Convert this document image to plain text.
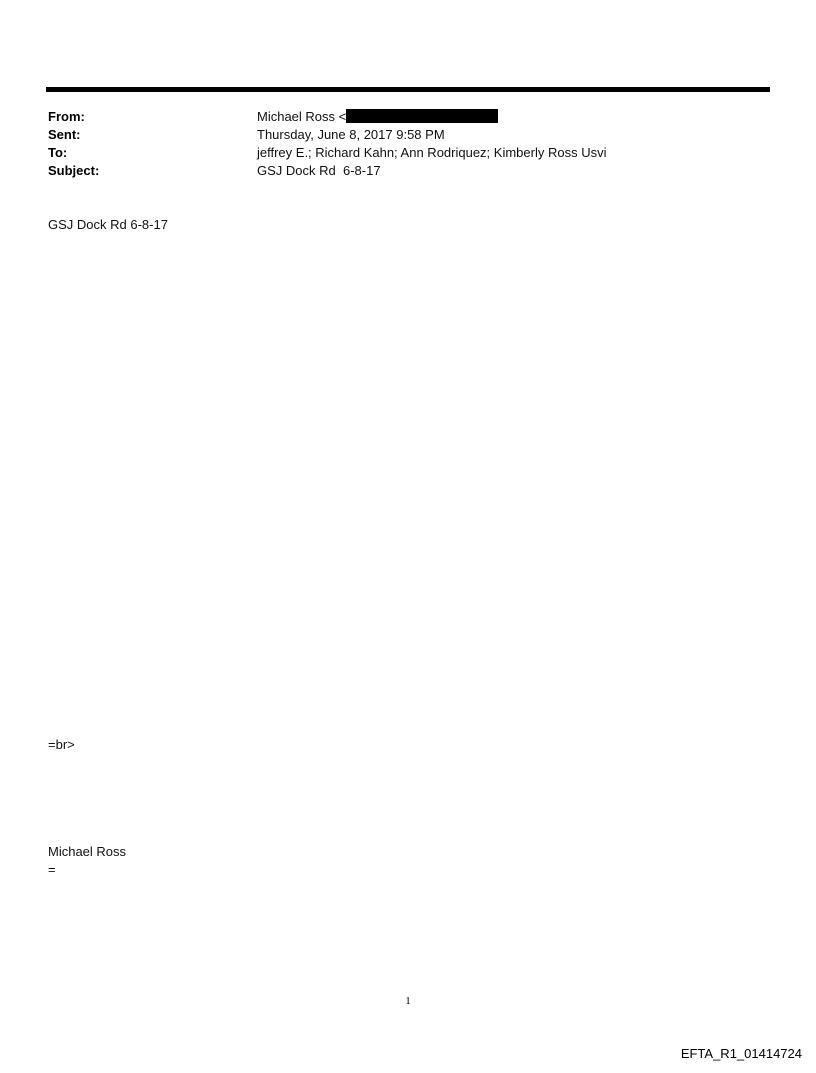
From:	Michael Ross <
Sent:	Thursday, June 8, 2017 9:58 PM
To:	jeffrey E.; Richard Kahn; Ann Rodriquez; Kimberly Ross Usvi
Subject:	GSJ Dock Rd  6-8-17
GSJ Dock Rd 6-8-17
=br>
Michael Ross
=
1
EFTA_R1_01414724
